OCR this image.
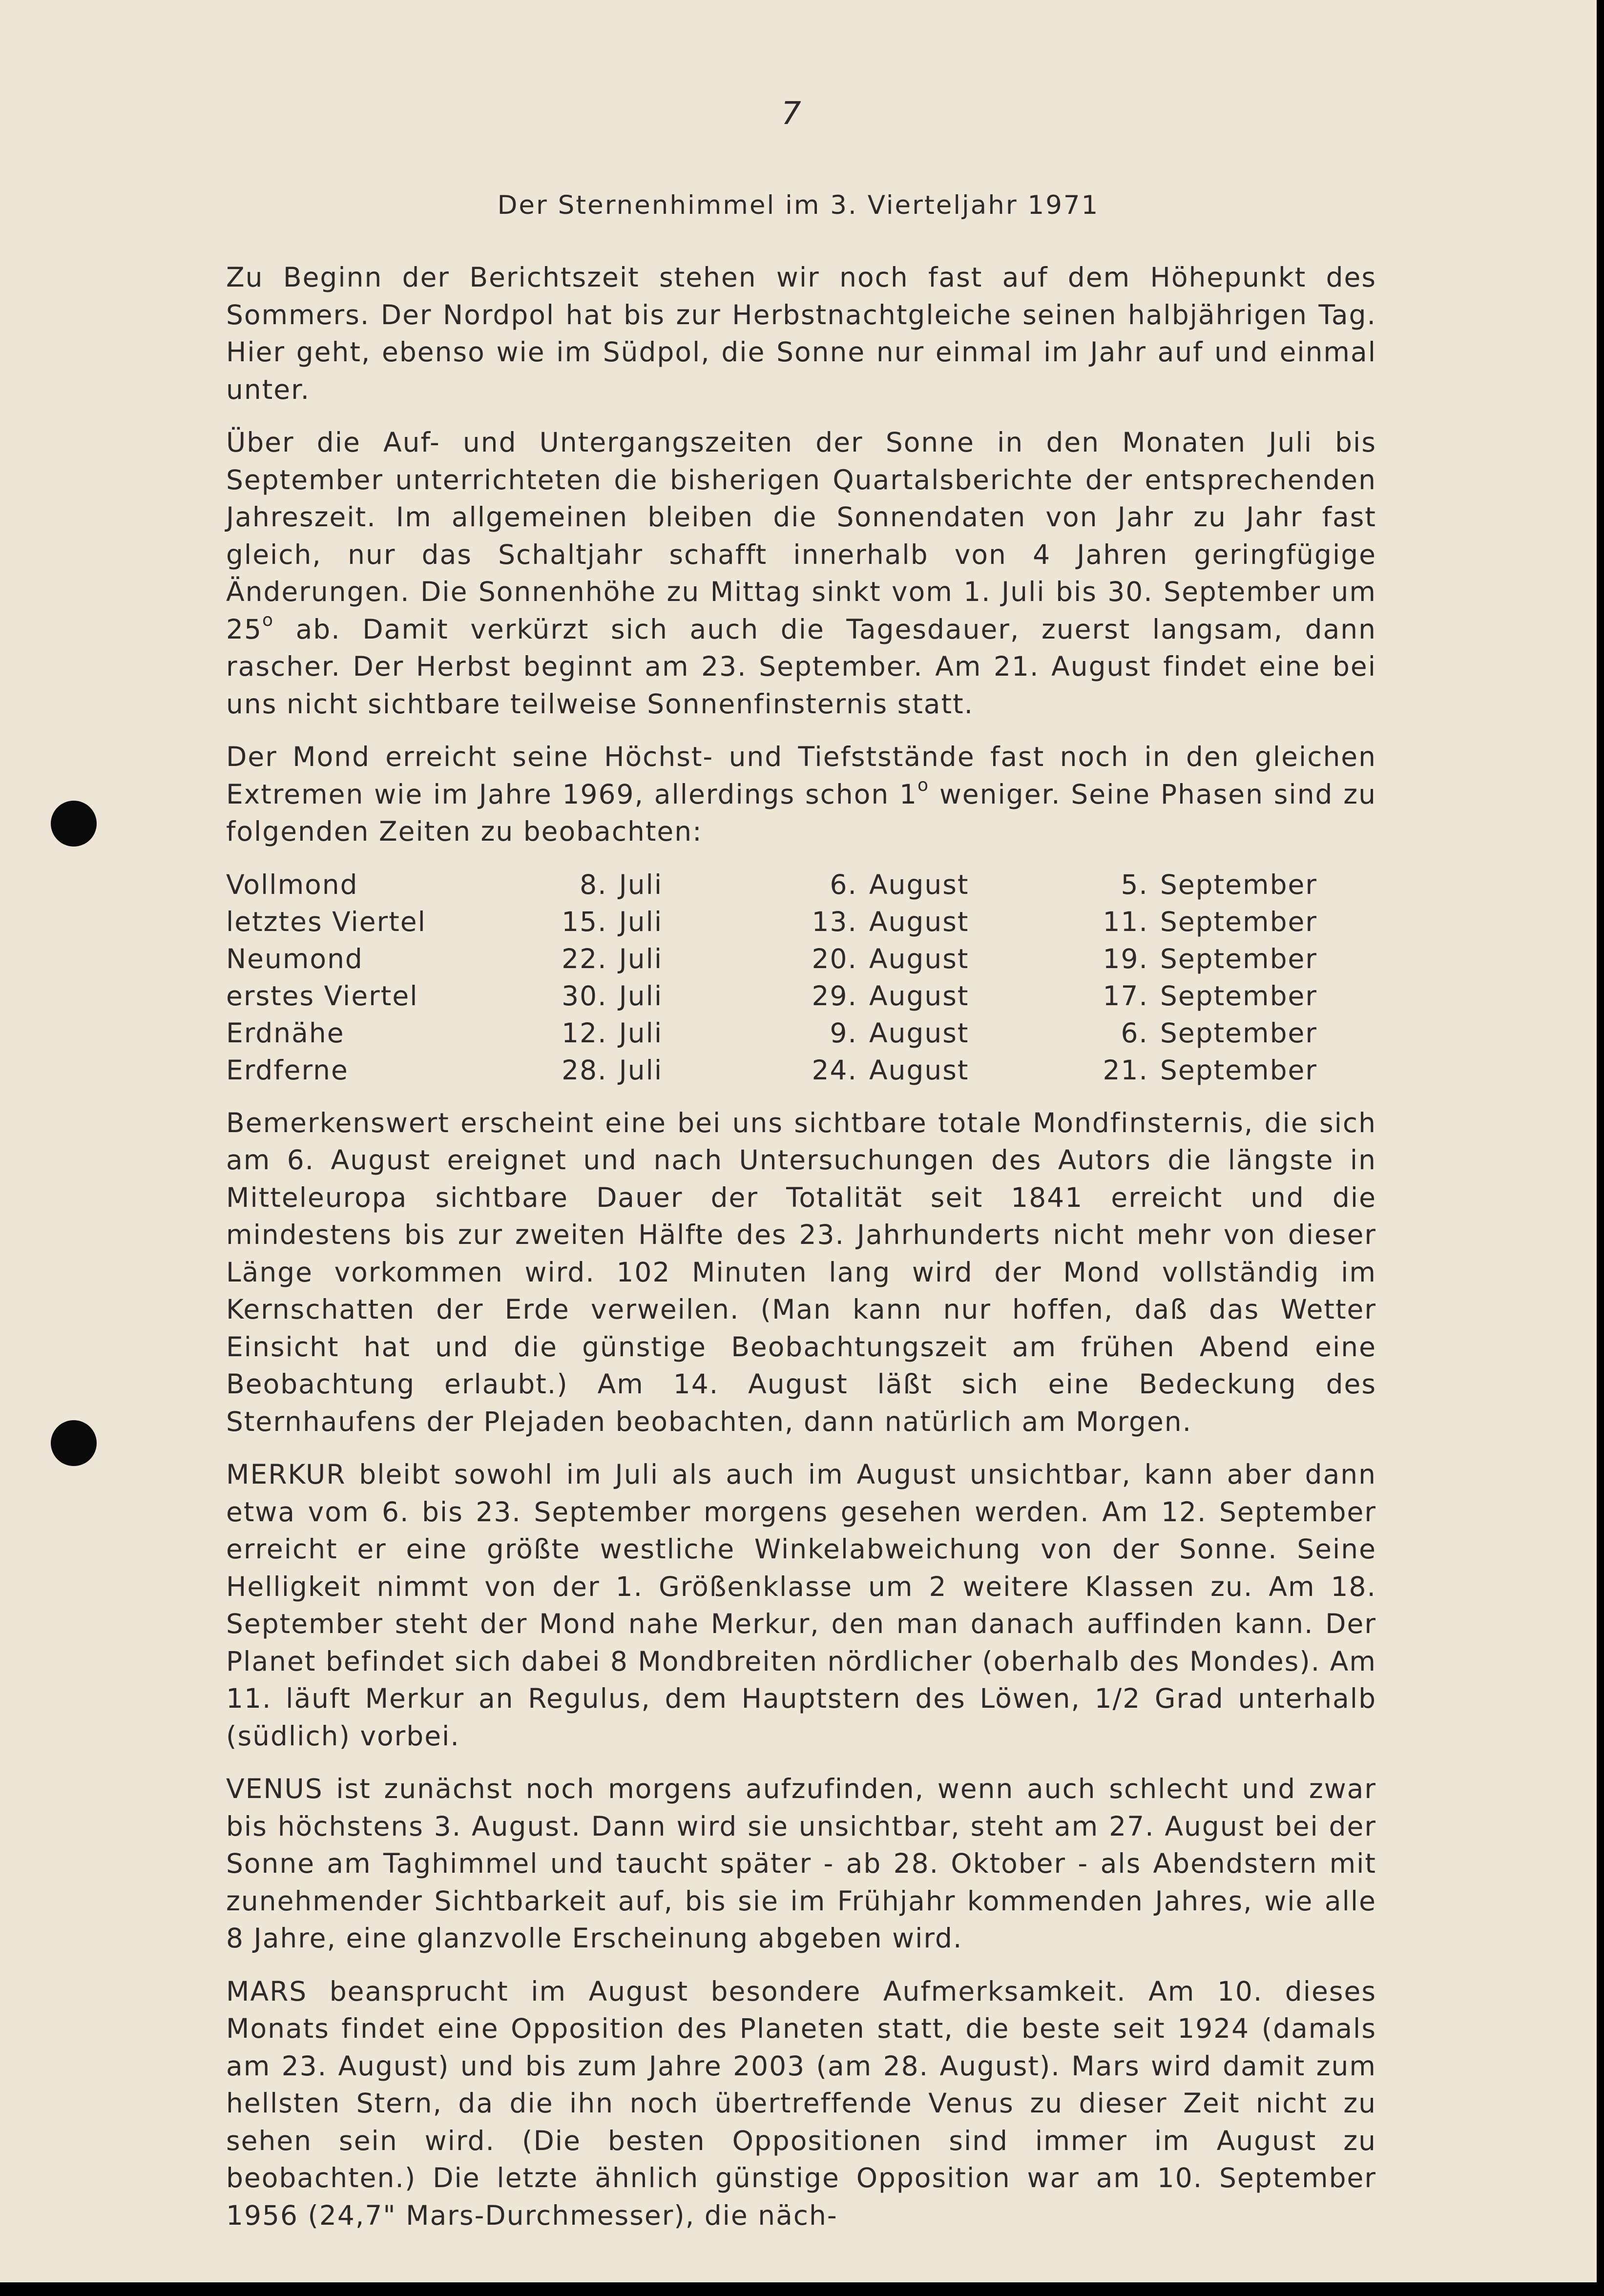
7
Der Sternenhimmel im 3. Vierteljahr 1971

Zu Beginn der Berichtszeit stehen wir noch fast auf dem Höhepunkt des Sommers. Der Nordpol hat bis zur Herbstnachtgleiche seinen halbjährigen Tag. Hier geht, ebenso wie im Südpol, die Sonne nur einmal im Jahr auf und einmal unter.

Über die Auf- und Untergangszeiten der Sonne in den Monaten Juli bis September unterrichteten die bisherigen Quartalsberichte der entsprechenden Jahreszeit. Im allgemeinen bleiben die Sonnendaten von Jahr zu Jahr fast gleich, nur das Schaltjahr schafft innerhalb von 4 Jahren geringfügige Änderungen. Die Sonnenhöhe zu Mittag sinkt vom 1. Juli bis 30. September um 25$^o$ ab. Damit verkürzt sich auch die Tagesdauer, zuerst langsam, dann rascher. Der Herbst beginnt am 23. September. Am 21. August findet eine bei uns nicht sichtbare teilweise Sonnenfinsternis statt.

Der Mond erreicht seine Höchst- und Tiefststände fast noch in den gleichen Extremen wie im Jahre 1969, allerdings schon 1$^o$ weniger. Seine Phasen sind zu folgenden Zeiten zu beobachten:

Vollmond	8.	Juli	6.	August	5.	September
letztes Viertel	15.	Juli	13.	August	11.	September
Neumond	22.	Juli	20.	August	19.	September
erstes Viertel	30.	Juli	29.	August	17.	September
Erdnähe	12.	Juli	9.	August	6.	September
Erdferne	28.	Juli	24.	August	21.	September

Bemerkenswert erscheint eine bei uns sichtbare totale Mondfinsternis, die sich am 6. August ereignet und nach Untersuchungen des Autors die längste in Mitteleuropa sichtbare Dauer der Totalität seit 1841 erreicht und die mindestens bis zur zweiten Hälfte des 23. Jahrhunderts nicht mehr von dieser Länge vorkommen wird. 102 Minuten lang wird der Mond vollständig im Kernschatten der Erde verweilen. (Man kann nur hoffen, daß das Wetter Einsicht hat und die günstige Beobachtungszeit am frühen Abend eine Beobachtung erlaubt.) Am 14. August läßt sich eine Bedeckung des Sternhaufens der Plejaden beobachten, dann natürlich am Morgen.

MERKUR bleibt sowohl im Juli als auch im August unsichtbar, kann aber dann etwa vom 6. bis 23. September morgens gesehen werden. Am 12. September erreicht er eine größte westliche Winkelabweichung von der Sonne. Seine Helligkeit nimmt von der 1. Größenklasse um 2 weitere Klassen zu. Am 18. September steht der Mond nahe Merkur, den man danach auffinden kann. Der Planet befindet sich dabei 8 Mondbreiten nördlicher (oberhalb des Mondes). Am 11. läuft Merkur an Regulus, dem Hauptstern des Löwen, 1/2 Grad unterhalb (südlich) vorbei.

VENUS ist zunächst noch morgens aufzufinden, wenn auch schlecht und zwar bis höchstens 3. August. Dann wird sie unsichtbar, steht am 27. August bei der Sonne am Taghimmel und taucht später - ab 28. Oktober - als Abendstern mit zunehmender Sichtbarkeit auf, bis sie im Frühjahr kommenden Jahres, wie alle 8 Jahre, eine glanzvolle Erscheinung abgeben wird.

MARS beansprucht im August besondere Aufmerksamkeit. Am 10. dieses Monats findet eine Opposition des Planeten statt, die beste seit 1924 (damals am 23. August) und bis zum Jahre 2003 (am 28. August). Mars wird damit zum hellsten Stern, da die ihn noch übertreffende Venus zu dieser Zeit nicht zu sehen sein wird. (Die besten Oppositionen sind immer im August zu beobachten.) Die letzte ähnlich günstige Opposition war am 10. September 1956 (24,7" Mars-Durchmesser), die näch-
